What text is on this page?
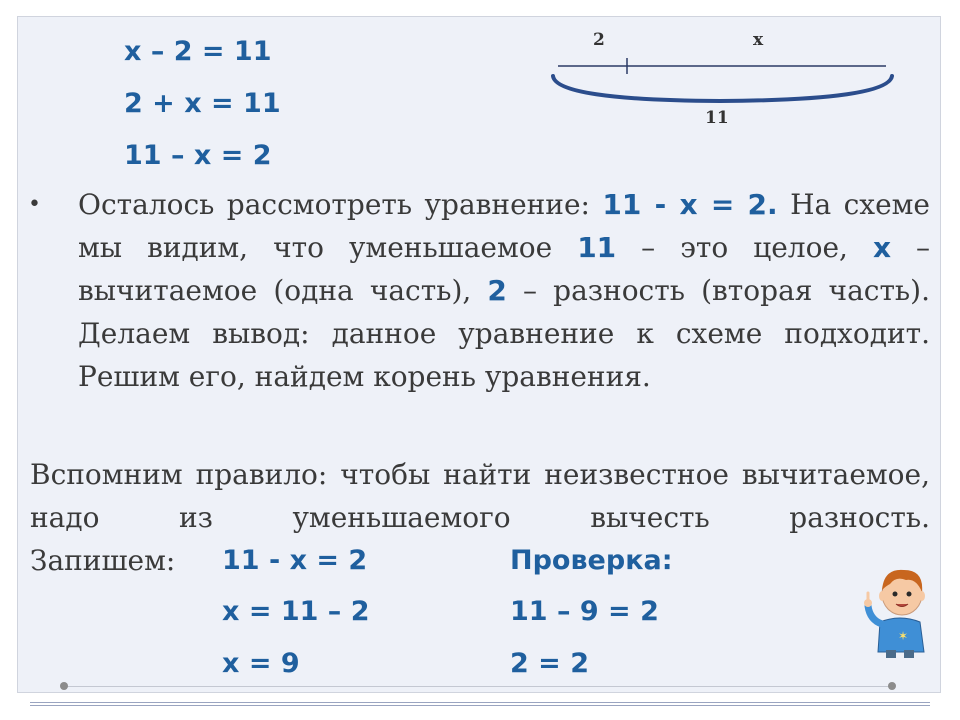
x – 2 = 11
2 + x = 11
11 – x = 2
2	x
11
• Осталось рассмотреть уравнение: 11 - x = 2. На схеме мы видим, что уменьшаемое 11 – это целое, x – вычитаемое (одна часть), 2 – разность (вторая часть). Делаем вывод: данное уравнение к схеме подходит. Решим его, найдем корень уравнения.
Вспомним правило: чтобы найти неизвестное вычитаемое, надо из уменьшаемого вычесть разность.
Запишем: 11 - x = 2
x = 11 – 2
x = 9
Проверка:
11 – 9 = 2
2 = 2
✶
